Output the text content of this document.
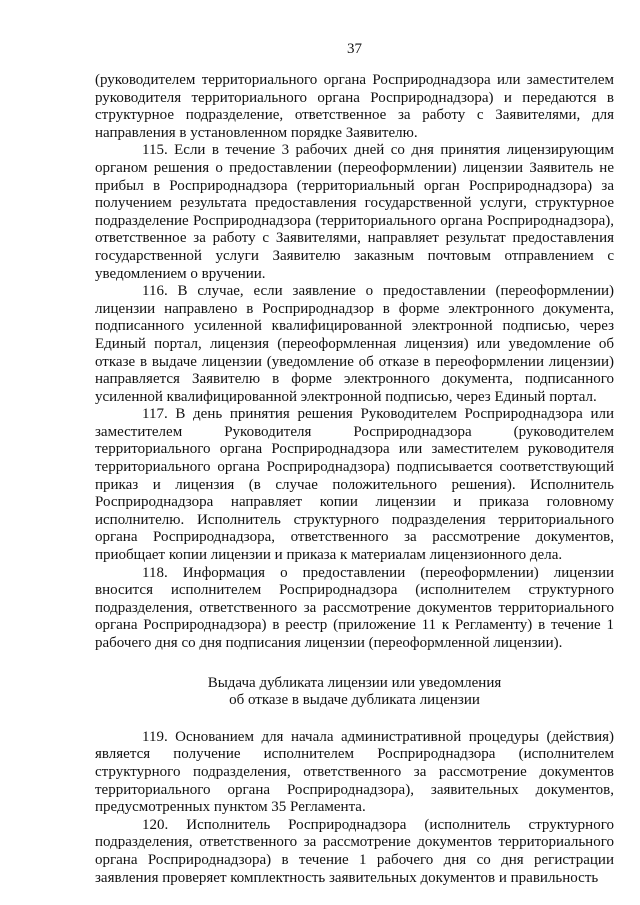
37

(руководителем территориального органа Росприроднадзора или заместителем руководителя территориального органа Росприроднадзора) и передаются в структурное подразделение, ответственное за работу с Заявителями, для направления в установленном порядке Заявителю.

115. Если в течение 3 рабочих дней со дня принятия лицензирующим органом решения о предоставлении (переоформлении) лицензии Заявитель не прибыл в Росприроднадзора (территориальный орган Росприроднадзора) за получением результата предоставления государственной услуги, структурное подразделение Росприроднадзора (территориального органа Росприроднадзора), ответственное за работу с Заявителями, направляет результат предоставления государственной услуги Заявителю заказным почтовым отправлением с уведомлением о вручении.

116. В случае, если заявление о предоставлении (переоформлении) лицензии направлено в Росприроднадзор в форме электронного документа, подписанного усиленной квалифицированной электронной подписью, через Единый портал, лицензия (переоформленная лицензия) или уведомление об отказе в выдаче лицензии (уведомление об отказе в переоформлении лицензии) направляется Заявителю в форме электронного документа, подписанного усиленной квалифицированной электронной подписью, через Единый портал.

117. В день принятия решения Руководителем Росприроднадзора или заместителем Руководителя Росприроднадзора (руководителем территориального органа Росприроднадзора или заместителем руководителя территориального органа Росприроднадзора) подписывается соответствующий приказ и лицензия (в случае положительного решения). Исполнитель Росприроднадзора направляет копии лицензии и приказа головному исполнителю. Исполнитель структурного подразделения территориального органа Росприроднадзора, ответственного за рассмотрение документов, приобщает копии лицензии и приказа к материалам лицензионного дела.

118. Информация о предоставлении (переоформлении) лицензии вносится исполнителем Росприроднадзора (исполнителем структурного подразделения, ответственного за рассмотрение документов территориального органа Росприроднадзора) в реестр (приложение 11 к Регламенту) в течение 1 рабочего дня со дня подписания лицензии (переоформленной лицензии).

Выдача дубликата лицензии или уведомления
об отказе в выдаче дубликата лицензии

119. Основанием для начала административной процедуры (действия) является получение исполнителем Росприроднадзора (исполнителем структурного подразделения, ответственного за рассмотрение документов территориального органа Росприроднадзора), заявительных документов, предусмотренных пунктом 35 Регламента.

120. Исполнитель Росприроднадзора (исполнитель структурного подразделения, ответственного за рассмотрение документов территориального органа Росприроднадзора) в течение 1 рабочего дня со дня регистрации заявления проверяет комплектность заявительных документов и правильность
